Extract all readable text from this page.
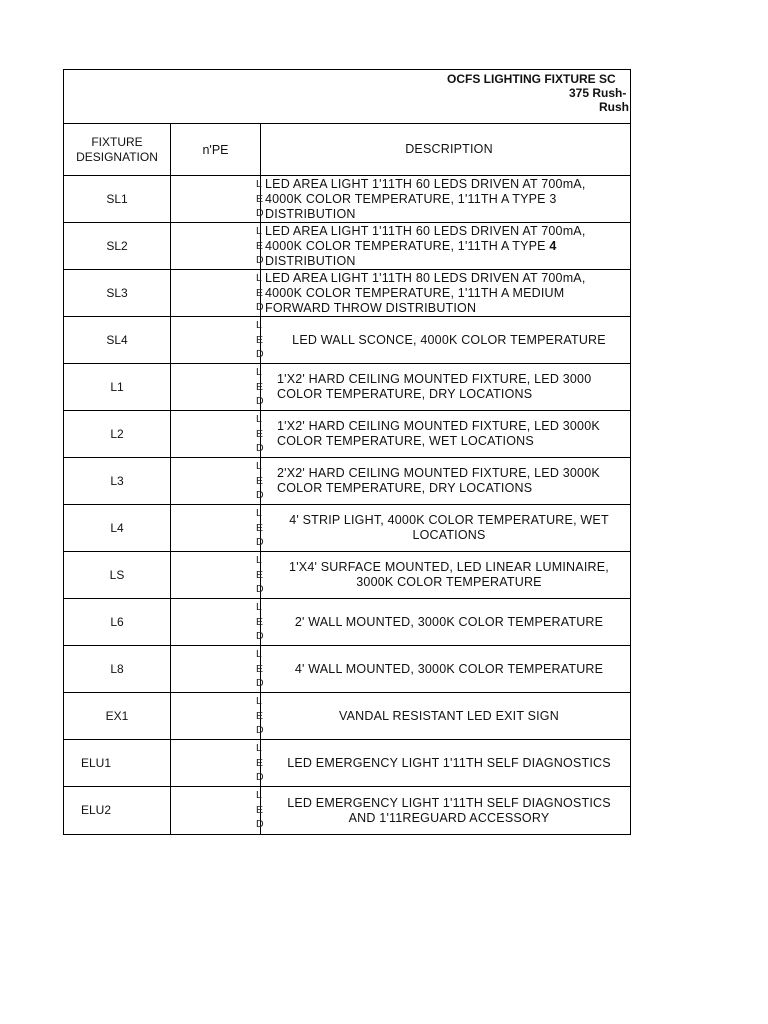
OCFS LIGHTING FIXTURE SC
375 Rush-
Rush
FIXTURE DESIGNATION	n'PE	DESCRIPTION
SL1
LED
LED AREA LIGHT 1'11TH 60 LEDS DRIVEN AT 700mA,
4000K COLOR TEMPERATURE, 1'11TH A TYPE 3
DISTRIBUTION
SL2
LED
LED AREA LIGHT 1'11TH 60 LEDS DRIVEN AT 700mA,
4000K COLOR TEMPERATURE, 1'11TH A TYPE 4
DISTRIBUTION
SL3
LED
LED AREA LIGHT 1'11TH 80 LEDS DRIVEN AT 700mA,
4000K COLOR TEMPERATURE, 1'11TH A MEDIUM
FORWARD THROW DISTRIBUTION
SL4
LED
LED WALL SCONCE, 4000K COLOR TEMPERATURE
L1
LED
1'X2' HARD CEILING MOUNTED FIXTURE, LED 3000
COLOR TEMPERATURE, DRY LOCATIONS
L2
LED
1'X2' HARD CEILING MOUNTED FIXTURE, LED 3000K
COLOR TEMPERATURE, WET LOCATIONS
L3
LED
2'X2' HARD CEILING MOUNTED FIXTURE, LED 3000K
COLOR TEMPERATURE, DRY LOCATIONS
L4
LED
4' STRIP LIGHT, 4000K COLOR TEMPERATURE, WET
LOCATIONS
LS
LED
1'X4' SURFACE MOUNTED, LED LINEAR LUMINAIRE,
3000K COLOR TEMPERATURE
L6
LED
2' WALL MOUNTED, 3000K COLOR TEMPERATURE
L8
LED
4' WALL MOUNTED, 3000K COLOR TEMPERATURE
EX1
LED
VANDAL RESISTANT LED EXIT SIGN
ELU1
LED
LED EMERGENCY LIGHT 1'11TH SELF DIAGNOSTICS
ELU2
LED
LED EMERGENCY LIGHT 1'11TH SELF DIAGNOSTICS
AND 1'11REGUARD ACCESSORY
